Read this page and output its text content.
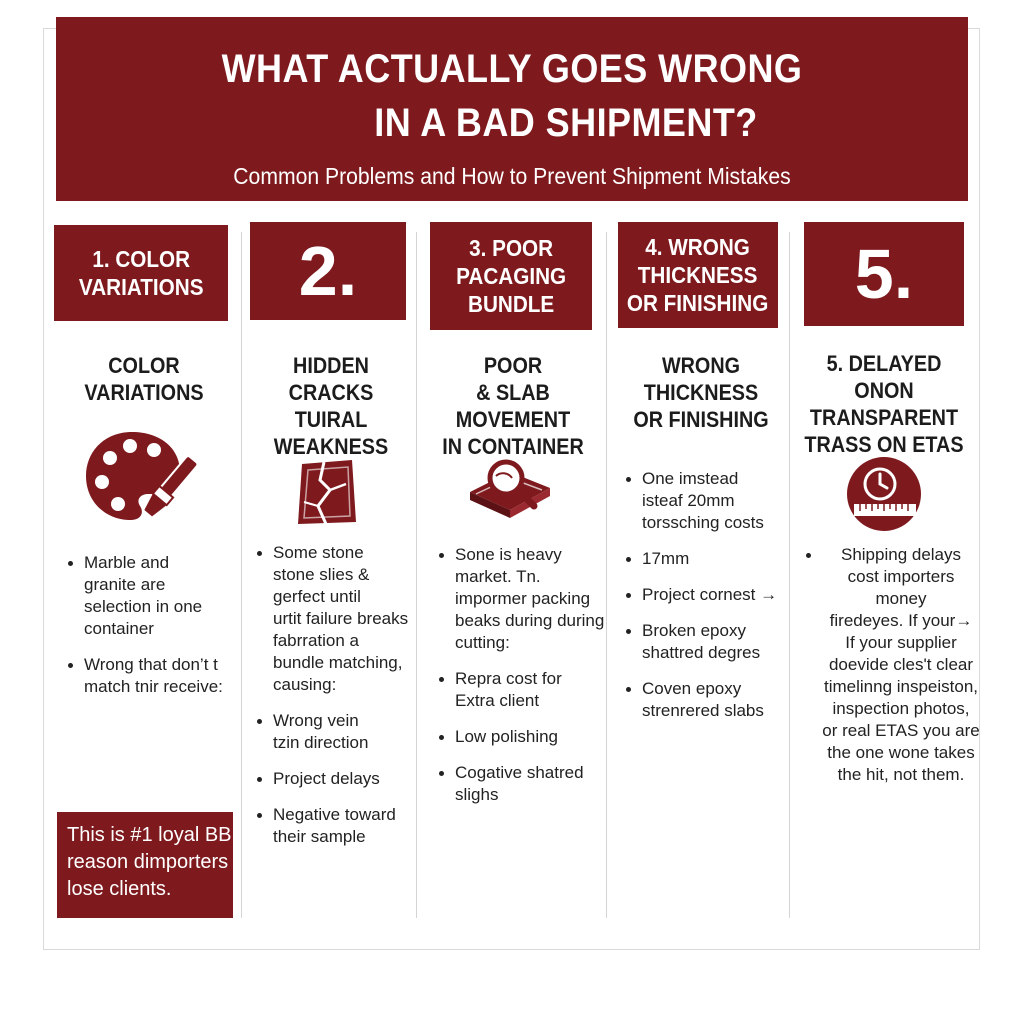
WHAT ACTUALLY GOES WRONG
IN A BAD SHIPMENT?
Common Problems and How to Prevent Shipment Mistakes
1. COLOR
VARIATIONS
COLOR
VARIATIONS
Marble and
granite are
selection in one
container
Wrong that don’t t
match tnir receive:
This is #1 loyal BB
reason dimporters
lose clients.
2.
HIDDEN
CRACKS TUIRAL
WEAKNESS
Some stone
stone slies &
gerfect until
urtit failure breaks
fabrration a
bundle matching,
causing:
Wrong vein
tzin direction
Project delays
Negative toward
their sample
3. POOR
PACAGING
BUNDLE
POOR
& SLAB MOVEMENT
IN CONTAINER
Sone is heavy
market. Tn.
impormer packing
beaks during during
cutting:
Repra cost for
Extra client
Low polishing
Cogative shatred
slighs
4. WRONG
THICKNESS
OR FINISHING
WRONG
THICKNESS
OR FINISHING
One imstead
isteaf 20mm
torssching costs
17mm
Project cornest →
Broken epoxy
shattred degres
Coven epoxy
strenrered slabs
5.
5. DELAYED
ONON TRANSPARENT
TRASS ON ETAS
Shipping delays
cost importers money
firedeyes. If your→
If your supplier
doevide cles't clear
timelinng inspeiston,
inspection photos,
or real ETAS you are
the one wone takes
the hit, not them.
